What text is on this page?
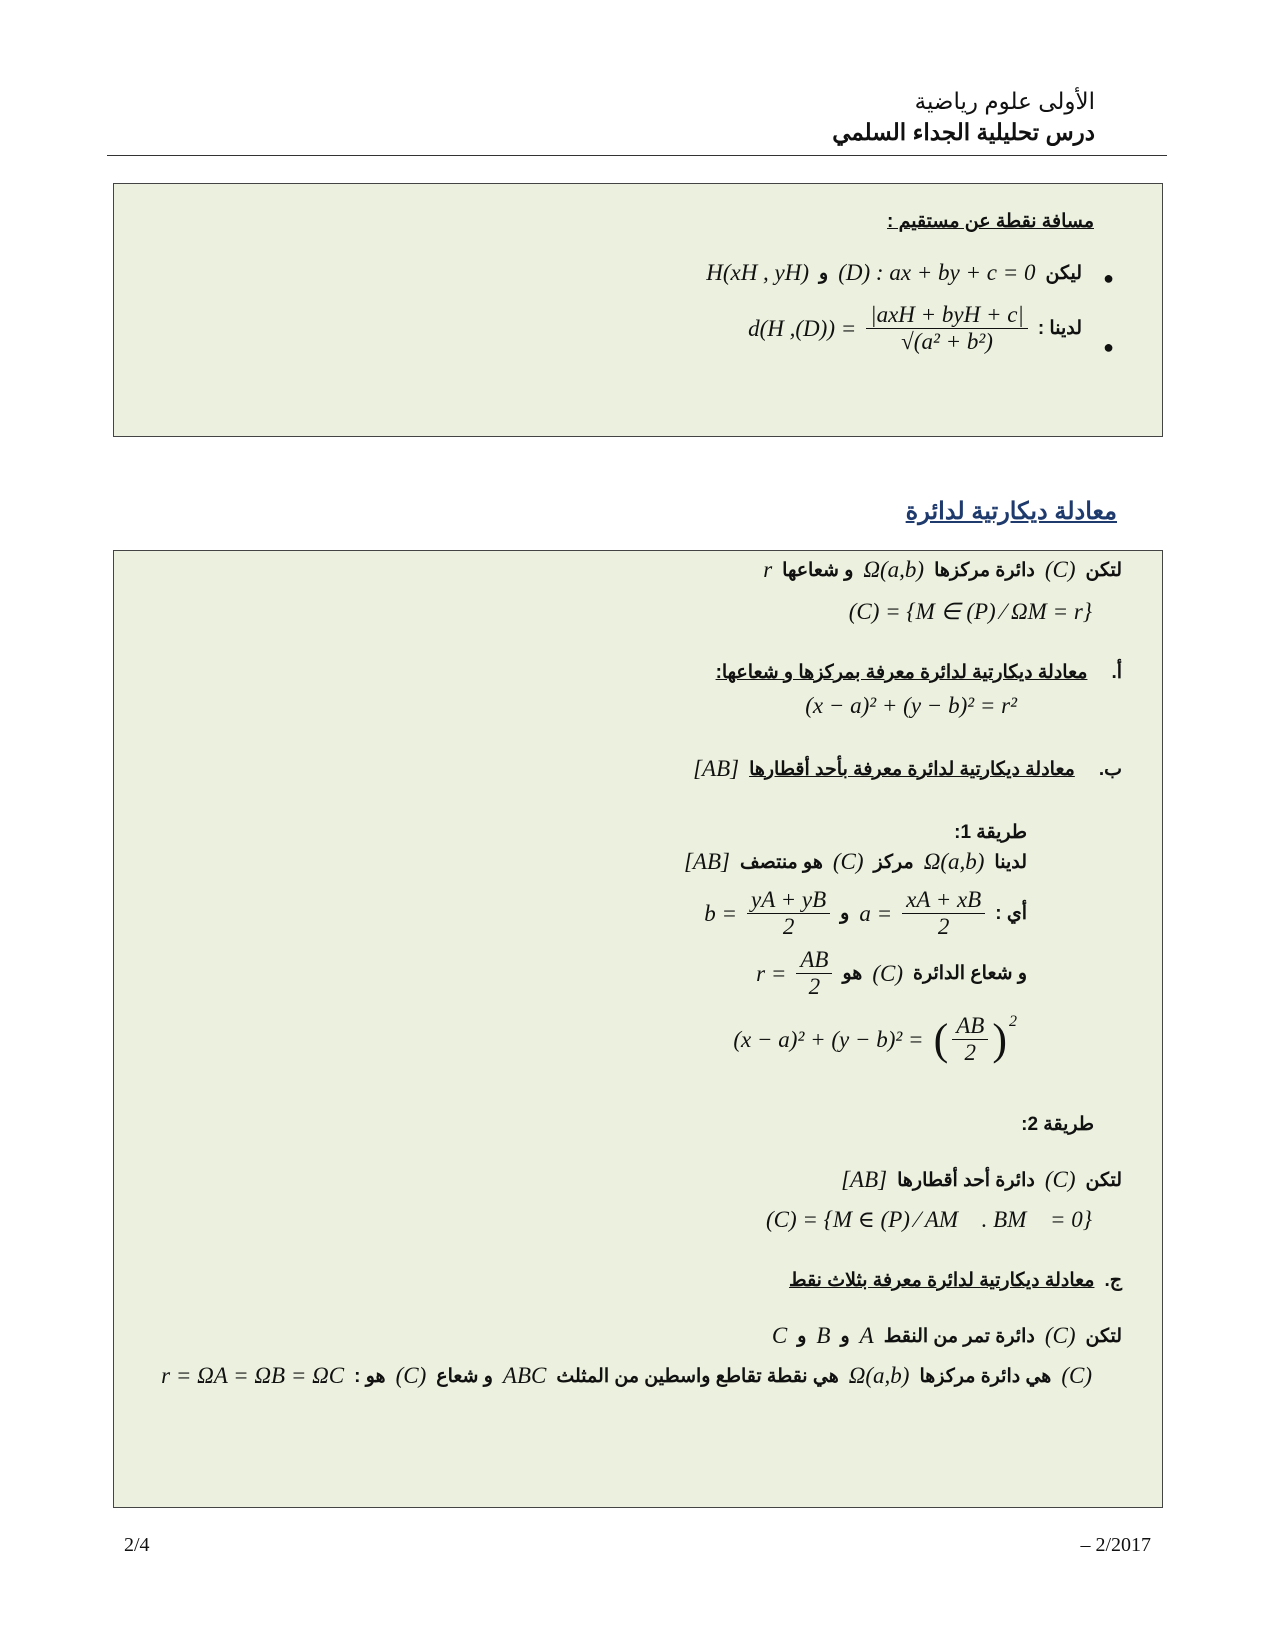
الأولى علوم رياضية
درس تحليلية الجداء السلمي
مسافة نقطة عن مستقيم :
●
H(xH , yH) و (D) : ax + by + c = 0 ليكن
●
d(H $,(D)) = \frac{\text{|axH + byH + c|}}{\text{√(a² + b²)}}$ لدينا :
معادلة ديكارتية لدائرة
r و شعاعها Ω(a,b) دائرة مركزها (C) لتكن
(C) = {M ∈ (P) ⁄ ΩM = r}
معادلة ديكارتية لدائرة معرفة بمركزها و شعاعها: أ.
(x − a)² + (y − b)² = r²
[AB] معادلة ديكارتية لدائرة معرفة بأحد أقطارها ب.
طريقة 1:
[AB] هو منتصف (C) مركز Ω(a,b) لدينا
$b = \frac{yA + yB}{2}$ و $a = \frac{xA + xB}{2}$ أي :
$r = \frac{AB}{2}$ هو (C) و شعاع الدائرة
(x − a)² + (y − b)² = ( $\frac{AB}{2}$ ) 2
طريقة 2:
[AB] دائرة أحد أقطارها (C) لتكن
(C) = {M ∈ (P) ⁄ AM⃗ . BM⃗ = 0}
معادلة ديكارتية لدائرة معرفة بثلاث نقط ج.
C و B و A دائرة تمر من النقط (C) لتكن
r = ΩA = ΩB = ΩC هو : (C) و شعاع ABC هي نقطة تقاطع واسطين من المثلث Ω(a,b) هي دائرة مركزها (C)
2/4	– 2/2017
